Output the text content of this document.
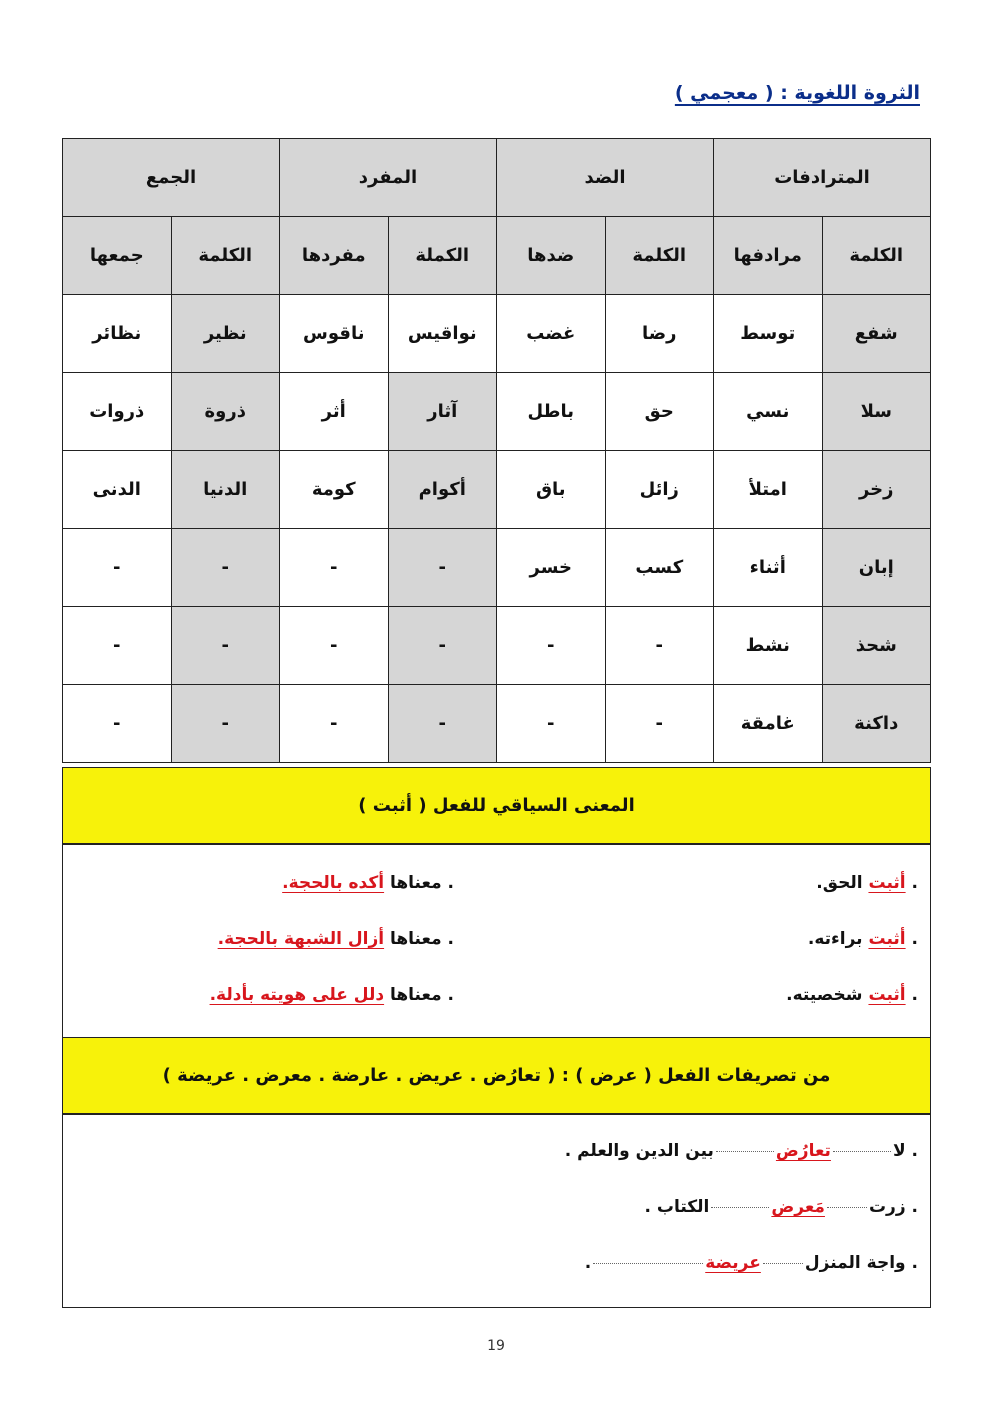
الثروة اللغوية : ( معجمي )
المترادفات		الضد		المفرد		الجمع	
الكلمة	مرادفها	الكلمة	ضدها	الكملة	مفردها	الكلمة	جمعها
شفع	توسط	رضا	غضب	نواقيس	ناقوس	نظير	نظائر
سلا	نسي	حق	باطل	آثار	أثر	ذروة	ذروات
زخر	امتلأ	زائل	باق	أكوام	كومة	الدنيا	الدنى
إبان	أثناء	كسب	خسر	-	-	-	-
شحذ	نشط	-	-	-	-	-	-
داكنة	غامقة	-	-	-	-	-	-
المعنى السياقي للفعل ( أثبت )
. أثبت الحق.
. معناها أكده بالحجة.
. أثبت براءته.
. معناها أزال الشبهة بالحجة.
. أثبت شخصيته.
. معناها دلل على هويته بأدلة.
من تصريفات الفعل ( عرض ) : ( تعارُض . عريض . عارضة . معرض . عريضة )
. لاتعارُضبين الدين والعلم .
. زرتمَعرضالكتاب .
. واجة المنزلعريضة.
19
